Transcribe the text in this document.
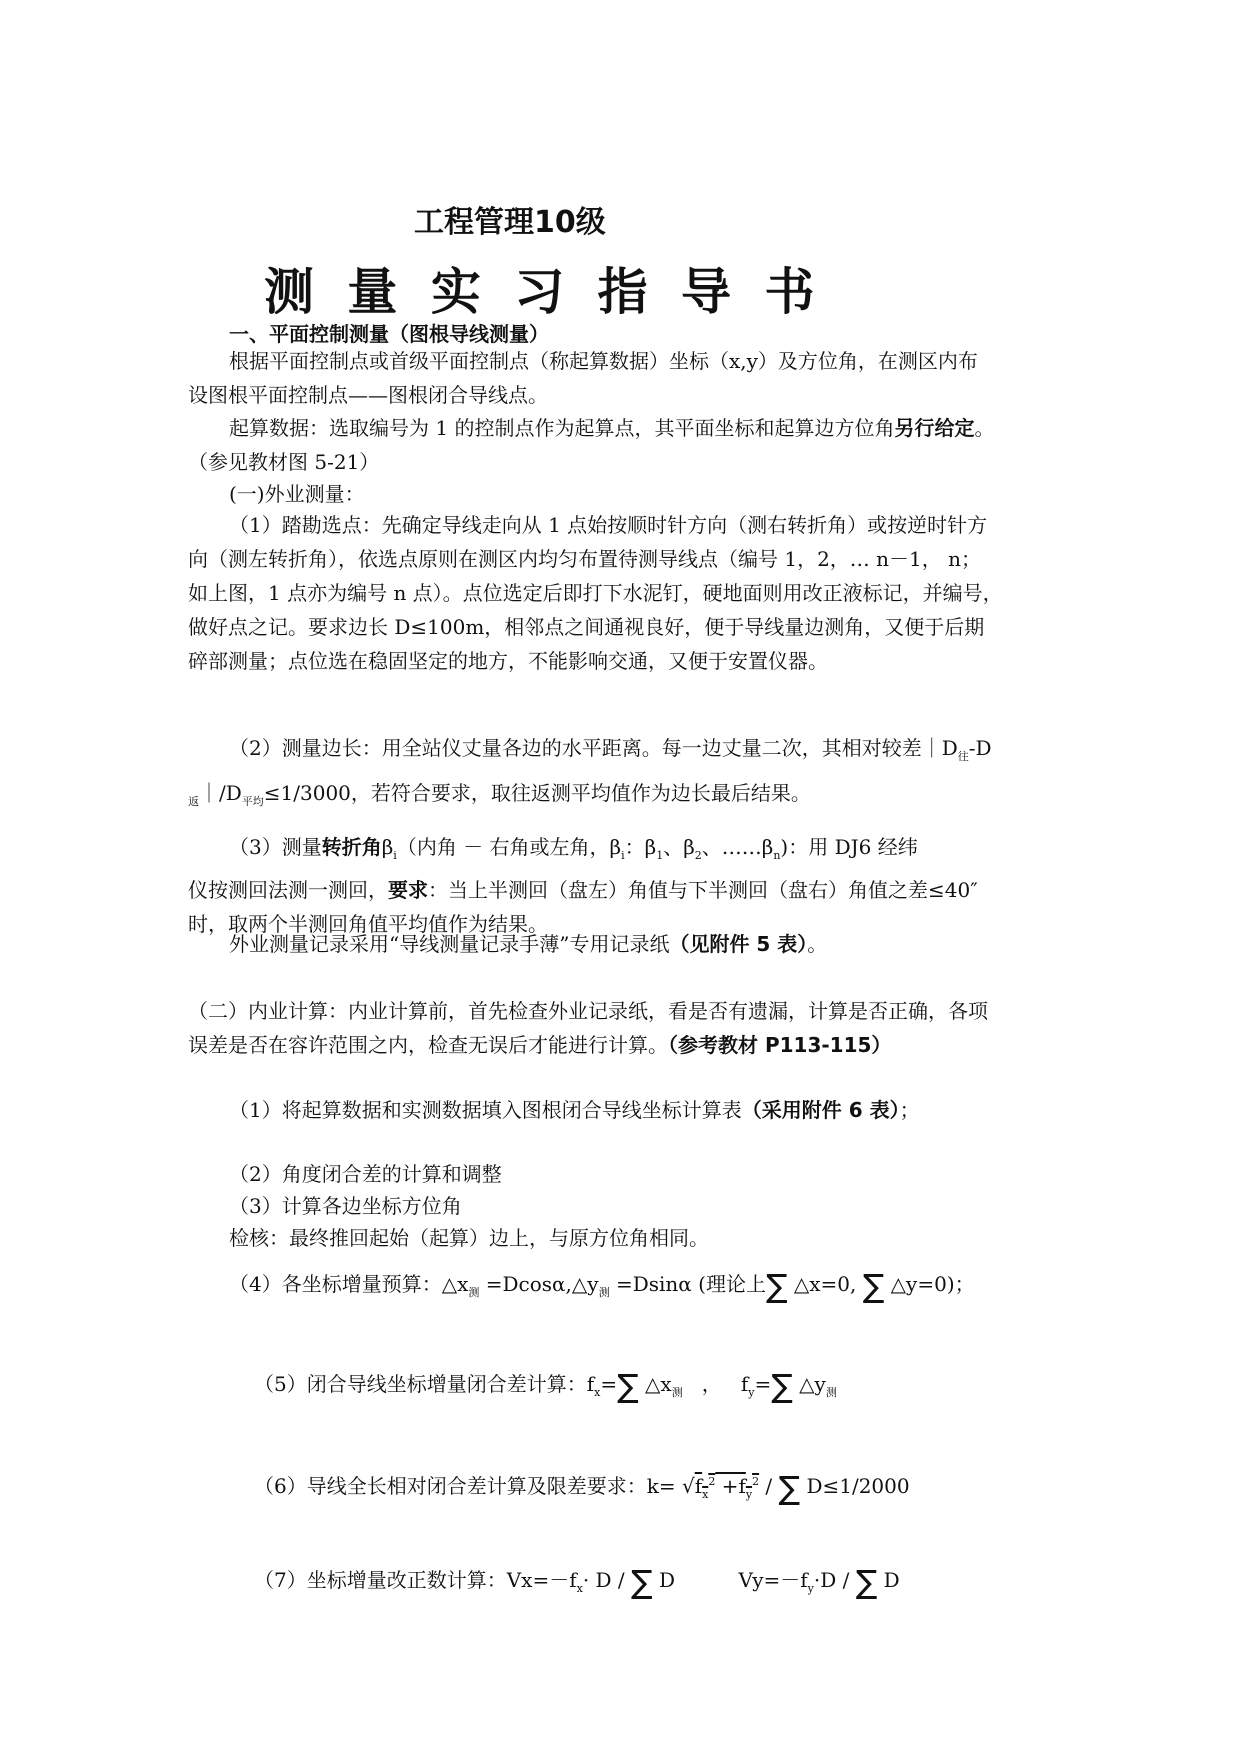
工程管理10级
测 量 实 习 指 导 书
一、平面控制测量（图根导线测量）
根据平面控制点或首级平面控制点（称起算数据）坐标（x,y）及方位角，在测区内布
设图根平面控制点——图根闭合导线点。
起算数据：选取编号为 1 的控制点作为起算点，其平面坐标和起算边方位角另行给定。
（参见教材图 5-21）
(一)外业测量：
（1）踏勘选点：先确定导线走向从 1 点始按顺时针方向（测右转折角）或按逆时针方
向（测左转折角），依选点原则在测区内均匀布置待测导线点（编号 1，2，… n－1， n；
如上图，1 点亦为编号 n 点）。点位选定后即打下水泥钉，硬地面则用改正液标记，并编号，
做好点之记。要求边长 D≤100m，相邻点之间通视良好，便于导线量边测角，又便于后期
碎部测量；点位选在稳固坚定的地方，不能影响交通，又便于安置仪器。
（2）测量边长：用全站仪丈量各边的水平距离。每一边丈量二次，其相对较差$|D_往-D$
$_返|/D_{平均}\le 1/3000$，若符合要求，取往返测平均值作为边长最后结果。
（3）测量转折角$\beta_i$（内角 － 右角或左角，$\beta_i$：$\beta_1$、$\beta_2$、$\dots\dots\beta_n$)：用 DJ6 经纬
仪按测回法测一测回，要求：当上半测回（盘左）角值与下半测回（盘右）角值之差≤40″
时，取两个半测回角值平均值作为结果。
外业测量记录采用“导线测量记录手薄”专用记录纸（见附件 5 表）。
（二）内业计算：内业计算前，首先检查外业记录纸，看是否有遗漏，计算是否正确，各项
误差是否在容许范围之内，检查无误后才能进行计算。（参考教材 P113-115）
（1）将起算数据和实测数据填入图根闭合导线坐标计算表（采用附件 6 表）；
（2）角度闭合差的计算和调整
（3）计算各边坐标方位角
检核：最终推回起始（起算）边上，与原方位角相同。
（4）各坐标增量预算：$\triangle x_测$ $=Dcos\alpha,\triangle y_测 =Dsin\alpha$ (理论上∑ △x=0, ∑ △y=0)；
（5）闭合导线坐标增量闭合差计算：$f_x=\sum$ $\triangle x_测$   ，   $f_y=\sum$ $\triangle y_测$
（6）导线全长相对闭合差计算及限差要求：$k= √f_x^2 +f_y^2$ / ∑ D≤1/2000
（7）坐标增量改正数计算：$Vx=-f_x\cdot D$ / ∑ D          $Vy=-f_y\cdot D$ / ∑ D
